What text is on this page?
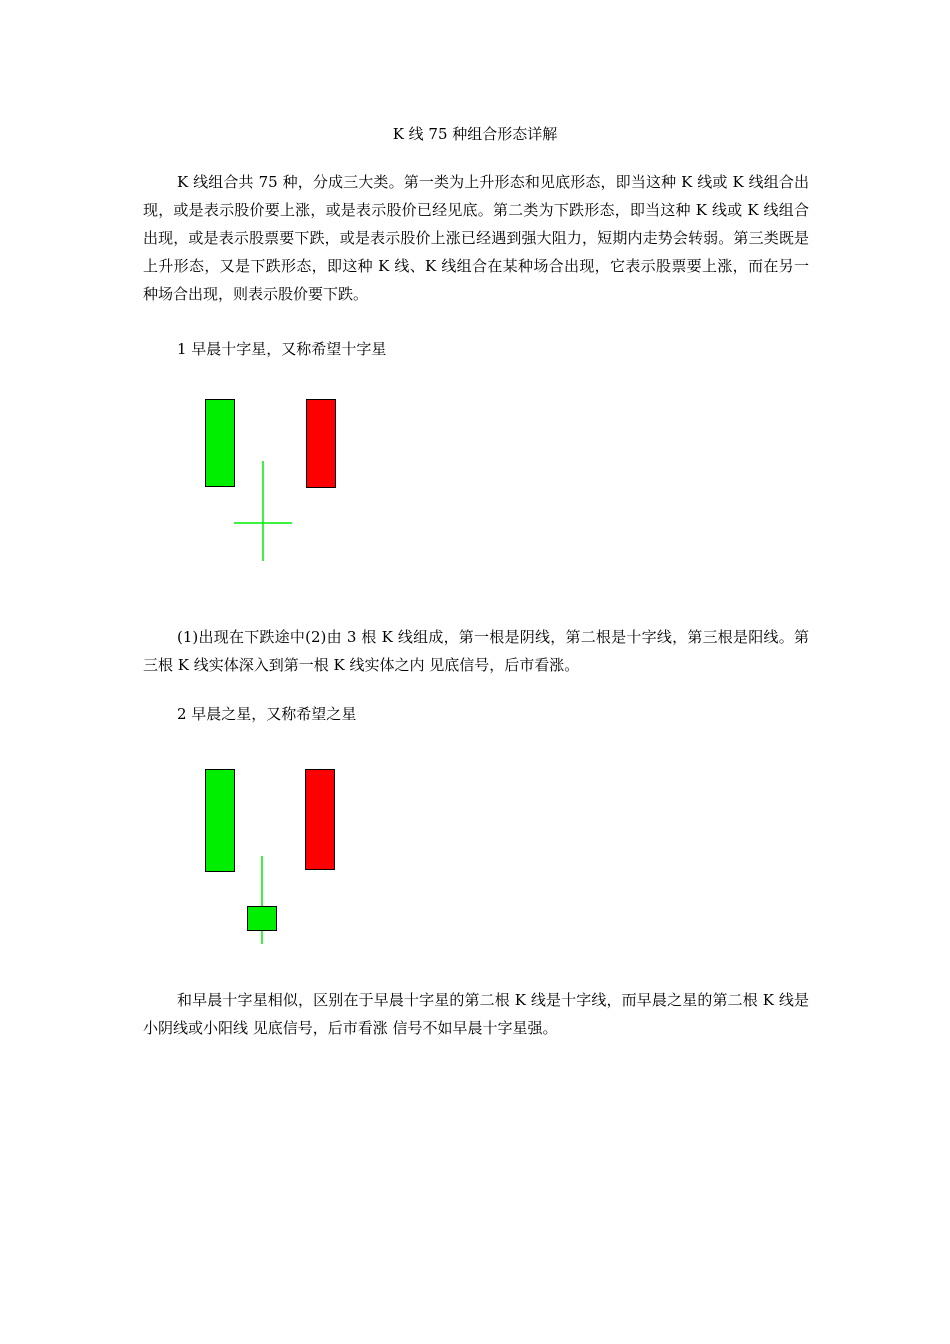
K 线 75 种组合形态详解

K 线组合共 75 种，分成三大类。第一类为上升形态和见底形态，即当这种 K 线或 K 线组合出现，或是表示股价要上涨，或是表示股价已经见底。第二类为下跌形态，即当这种 K 线或 K 线组合出现，或是表示股票要下跌，或是表示股价上涨已经遇到强大阻力，短期内走势会转弱。第三类既是上升形态，又是下跌形态，即这种 K 线、K 线组合在某种场合出现，它表示股票要上涨，而在另一种场合出现，则表示股价要下跌。

1 早晨十字星，又称希望十字星

(1)出现在下跌途中(2)由 3 根 K 线组成，第一根是阴线，第二根是十字线，第三根是阳线。第三根 K 线实体深入到第一根 K 线实体之内 见底信号，后市看涨。

2 早晨之星，又称希望之星

和早晨十字星相似，区别在于早晨十字星的第二根 K 线是十字线，而早晨之星的第二根 K 线是小阴线或小阳线 见底信号，后市看涨 信号不如早晨十字星强。
